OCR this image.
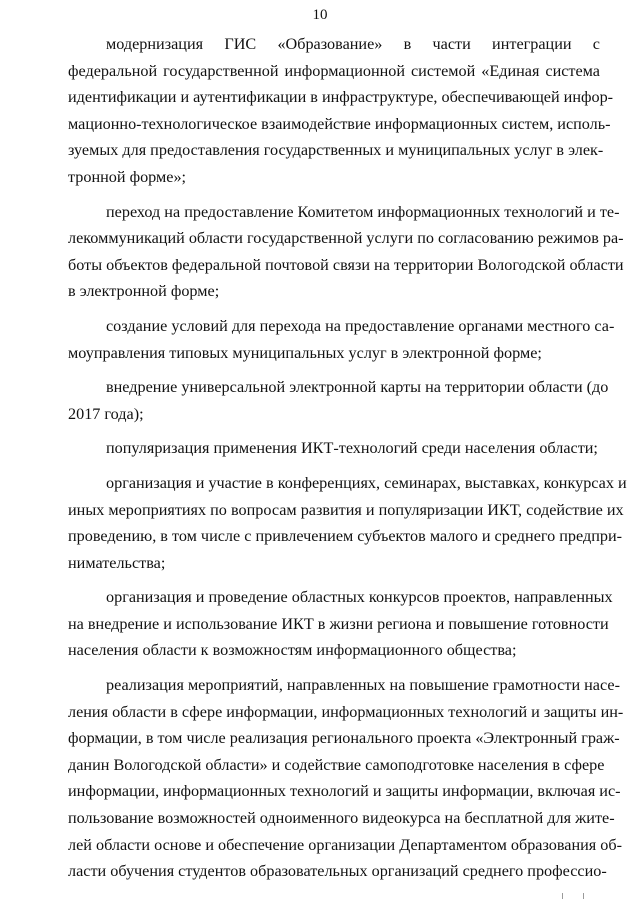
10
модернизация ГИС «Образование» в части интеграции с
федеральной государственной информационной системой «Единая система
идентификации и аутентификации в инфраструктуре, обеспечивающей инфор-
мационно-технологическое взаимодействие информационных систем, исполь-
зуемых для предоставления государственных и муниципальных услуг в элек-
тронной форме»;
переход на предоставление Комитетом информационных технологий и те-
лекоммуникаций области государственной услуги по согласованию режимов ра-
боты объектов федеральной почтовой связи на территории Вологодской области
в электронной форме;
создание условий для перехода на предоставление органами местного са-
моуправления типовых муниципальных услуг в электронной форме;
внедрение универсальной электронной карты на территории области (до
2017 года);
популяризация применения ИКТ-технологий среди населения области;
организация и участие в конференциях, семинарах, выставках, конкурсах и
иных мероприятиях по вопросам развития и популяризации ИКТ, содействие их
проведению, в том числе с привлечением субъектов малого и среднего предпри-
нимательства;
организация и проведение областных конкурсов проектов, направленных
на внедрение и использование ИКТ в жизни региона и повышение готовности
населения области к возможностям информационного общества;
реализация мероприятий, направленных на повышение грамотности насе-
ления области в сфере информации, информационных технологий и защиты ин-
формации, в том числе реализация регионального проекта «Электронный граж-
данин Вологодской области» и содействие самоподготовке населения в сфере
информации, информационных технологий и защиты информации, включая ис-
пользование возможностей одноименного видеокурса на бесплатной для жите-
лей области основе и обеспечение организации Департаментом образования об-
ласти обучения студентов образовательных организаций среднего профессио-
